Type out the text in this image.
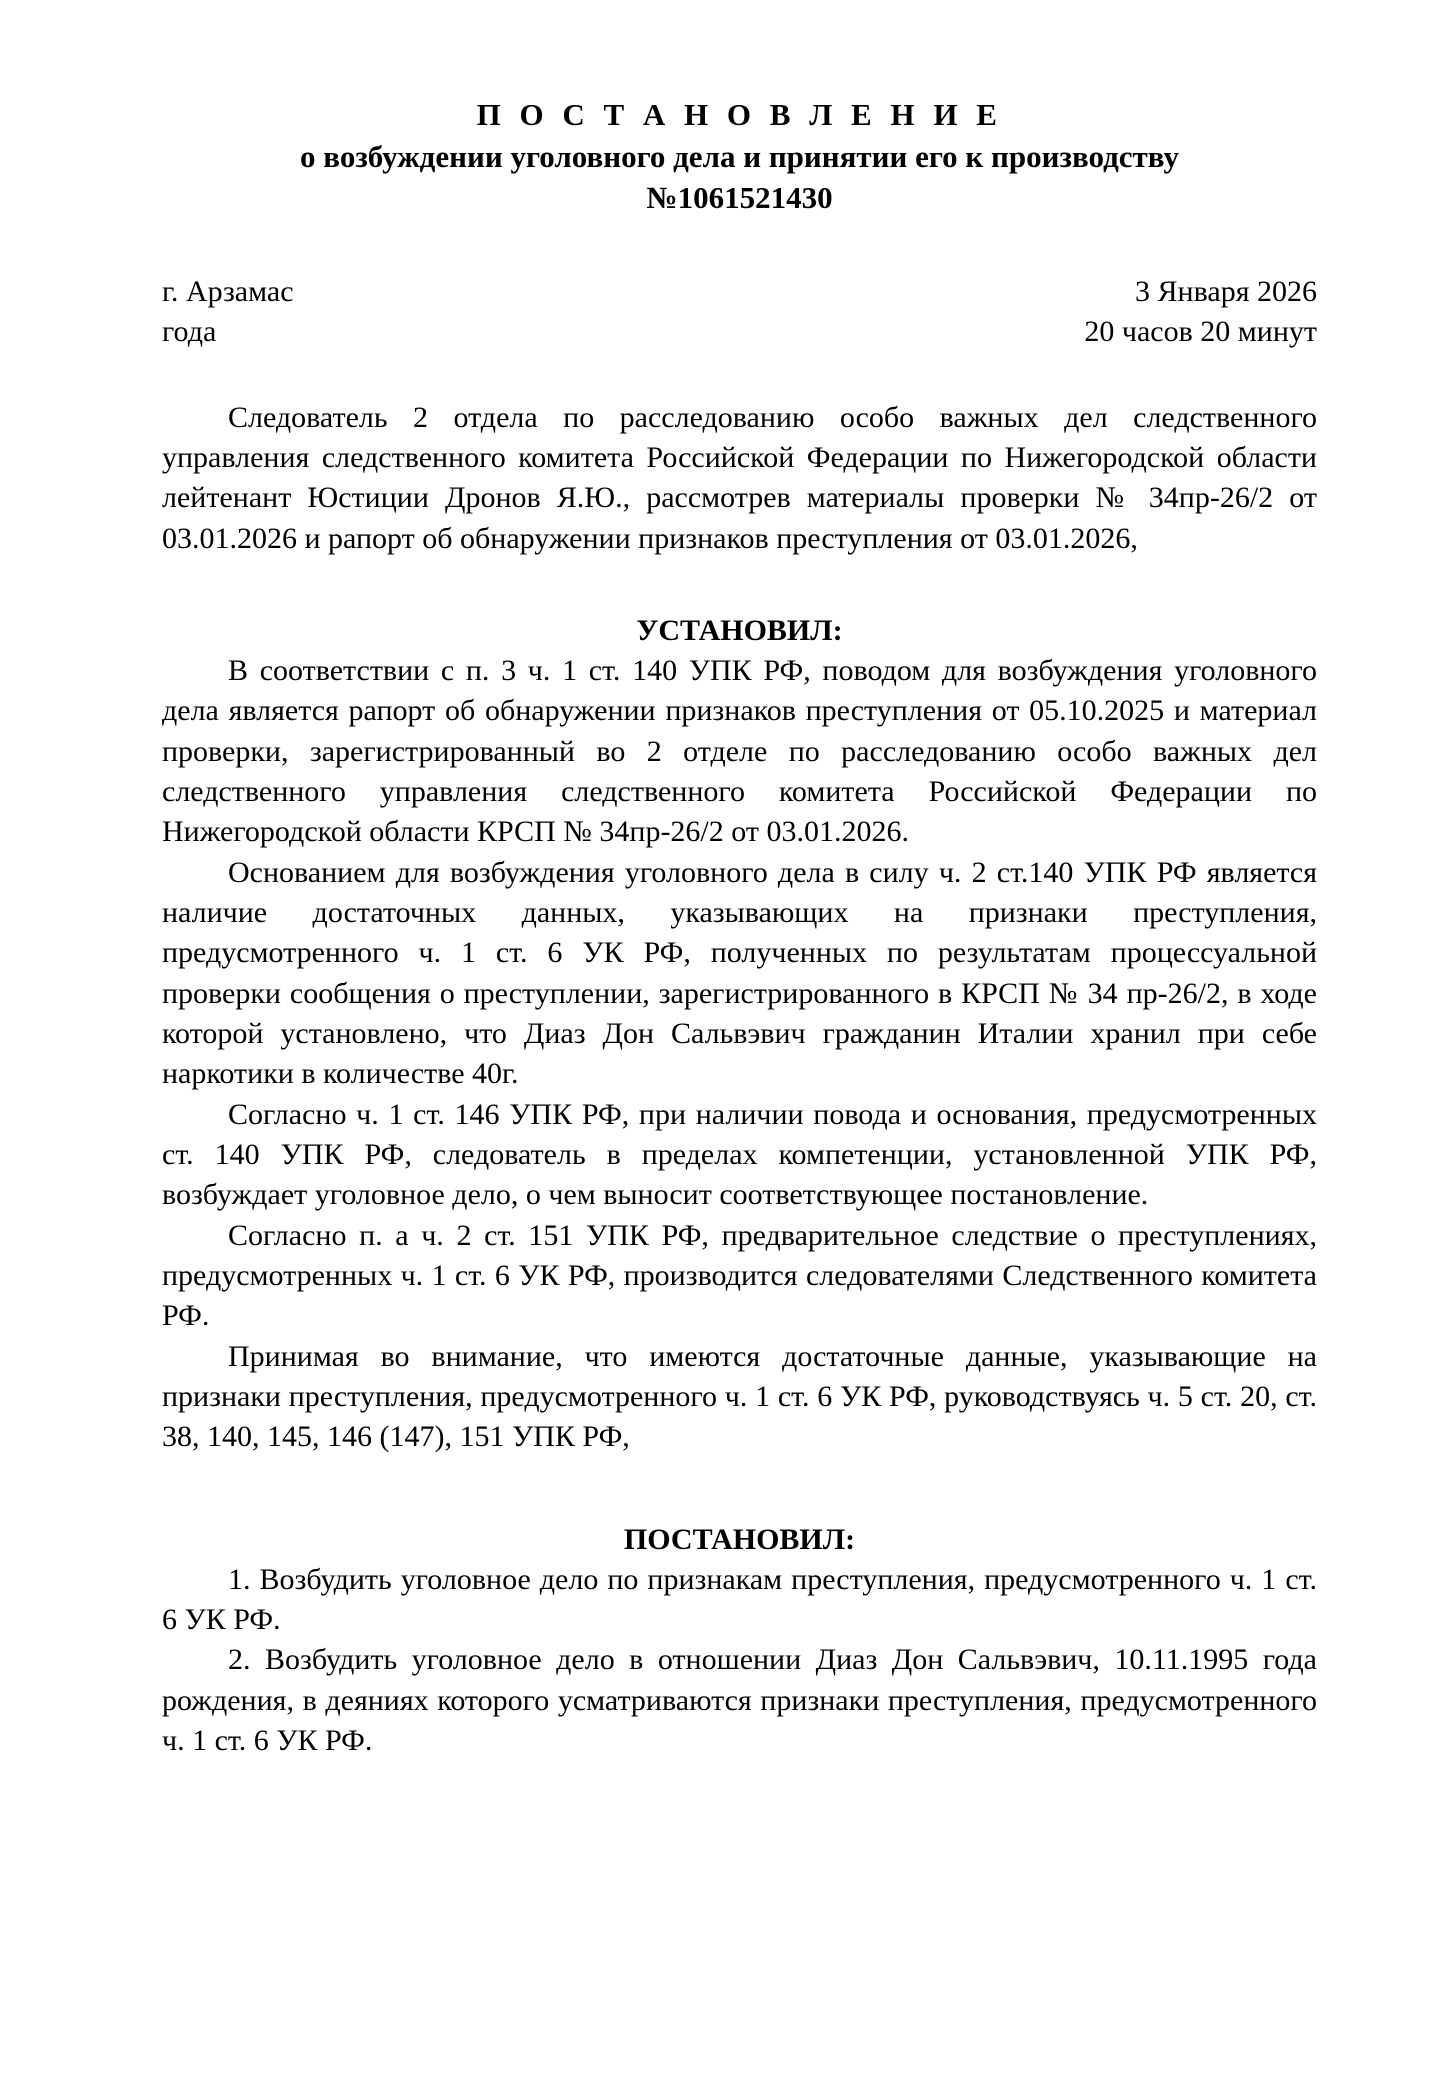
П О С Т А Н О В Л Е Н И Е
о возбуждении уголовного дела и принятии его к производству
№1061521430
г. Арзамас	3 Января 2026
года	20 часов 20 минут

Следователь 2 отдела по расследованию особо важных дел следственного управления следственного комитета Российской Федерации по Нижегородской области лейтенант Юстиции Дронов Я.Ю., рассмотрев материалы проверки № 34пр-26/2 от 03.01.2026 и рапорт об обнаружении признаков преступления от 03.01.2026,

УСТАНОВИЛ:

В соответствии с п. 3 ч. 1 ст. 140 УПК РФ, поводом для возбуждения уголовного дела является рапорт об обнаружении признаков преступления от 05.10.2025 и материал проверки, зарегистрированный во 2 отделе по расследованию особо важных дел следственного управления следственного комитета Российской Федерации по Нижегородской области КРСП № 34пр-26/2 от 03.01.2026.

Основанием для возбуждения уголовного дела в силу ч. 2 ст.140 УПК РФ является наличие достаточных данных, указывающих на признаки преступления, предусмотренного ч. 1 ст. 6 УК РФ, полученных по результатам процессуальной проверки сообщения о преступлении, зарегистрированного в КРСП № 34 пр-26/2, в ходе которой установлено, что Диаз Дон Сальвэвич гражданин Италии хранил при себе наркотики в количестве 40г.

Согласно ч. 1 ст. 146 УПК РФ, при наличии повода и основания, предусмотренных ст. 140 УПК РФ, следователь в пределах компетенции, установленной УПК РФ, возбуждает уголовное дело, о чем выносит соответствующее постановление.

Согласно п. а ч. 2 ст. 151 УПК РФ, предварительное следствие о преступлениях, предусмотренных ч. 1 ст. 6 УК РФ, производится следователями Следственного комитета РФ.

Принимая во внимание, что имеются достаточные данные, указывающие на признаки преступления, предусмотренного ч. 1 ст. 6 УК РФ, руководствуясь ч. 5 ст. 20, ст. 38, 140, 145, 146 (147), 151 УПК РФ,

ПОСТАНОВИЛ:
1. Возбудить уголовное дело по признакам преступления, предусмотренного ч. 1 ст. 6 УК РФ.
2. Возбудить уголовное дело в отношении Диаз Дон Сальвэвич, 10.11.1995 года рождения, в деяниях которого усматриваются признаки преступления, предусмотренного ч. 1 ст. 6 УК РФ.
